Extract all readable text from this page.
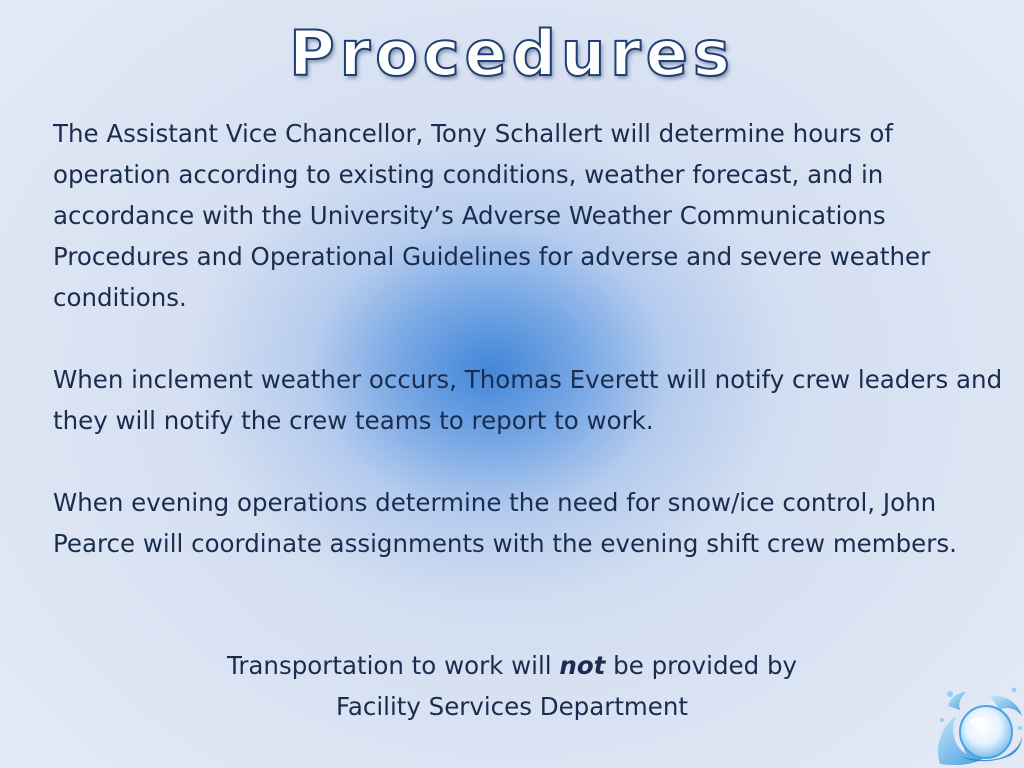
Procedures

The Assistant Vice Chancellor, Tony Schallert will determine hours of operation according to existing conditions, weather forecast, and in accordance with the University’s Adverse Weather Communications Procedures and Operational Guidelines for adverse and severe weather conditions.

When inclement weather occurs, Thomas Everett will notify crew leaders and they will notify the crew teams to report to work.

When evening operations determine the need for snow/ice control, John Pearce will coordinate assignments with the evening shift crew members.

Transportation to work will not be provided by
Facility Services Department
